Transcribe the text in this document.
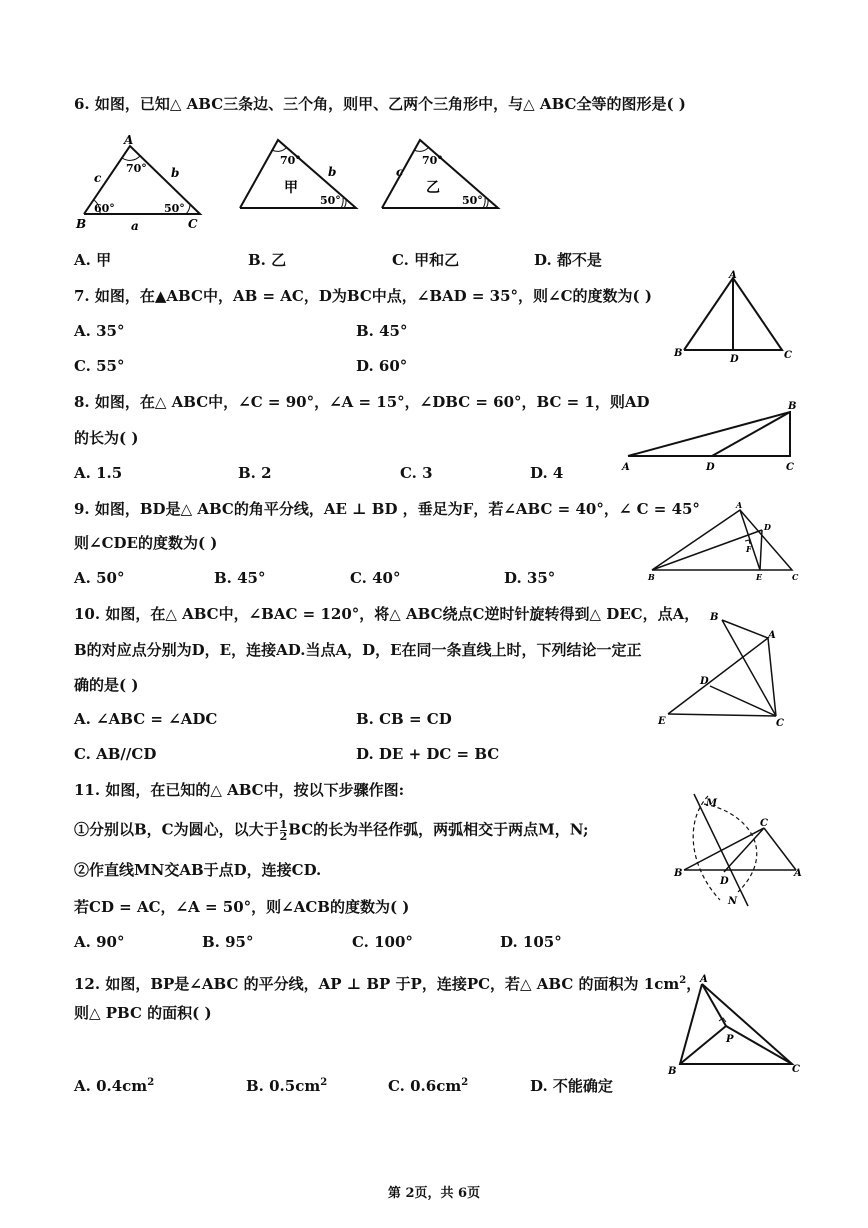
6. 如图，已知△ ABC三条边、三个角，则甲、乙两个三角形中，与△ ABC全等的图形是( )
A
B	C
a
b
c
70°
60°	50°
70°
50°
b
甲
70°
50°
c
乙
A. 甲	B. 乙	C. 甲和乙	D. 都不是
7. 如图，在▲ABC中，AB = AC，D为BC中点，∠BAD = 35°，则∠C的度数为( )
A. 35°	B. 45°
C. 55°	D. 60°
A
B	C
D
8. 如图，在△ ABC中，∠C = 90°，∠A = 15°，∠DBC = 60°，BC = 1，则AD
的长为( )
A. 1.5	B. 2	C. 3	D. 4
B
A	D	C
9. 如图，BD是△ ABC的角平分线，AE ⊥ BD ，垂足为F，若∠ABC = 40°，∠ C = 45°
则∠CDE的度数为( )
A. 50°	B. 45°	C. 40°	D. 35°
A
B	C
D
E
F
10. 如图，在△ ABC中，∠BAC = 120°，将△ ABC绕点C逆时针旋转得到△ DEC，点A，
B的对应点分别为D，E，连接AD.当点A，D，E在同一条直线上时，下列结论一定正
确的是( )
A. ∠ABC = ∠ADC	B. CB = CD
C. AB//CD	D. DE + DC = BC
B
A
D
E	C
11. 如图，在已知的△ ABC中，按以下步骤作图:
①分别以B，C为圆心，以大于 $\frac{1}{2}$ BC的长为半径作弧，两弧相交于两点M，N;
②作直线MN交AB于点D，连接CD.
若CD = AC，∠A = 50°，则∠ACB的度数为( )
A. 90°	B. 95°	C. 100°	D. 105°
M
B
C
A
D
N
12. 如图，BP是∠ABC 的平分线，AP ⊥ BP 于P，连接PC，若△ ABC 的面积为 $1cm^2$，
则△ PBC 的面积( )
A. $0.4cm^2$	B. $0.5cm^2$	C. $0.6cm^2$	D. 不能确定
A
B	C
P
第 2页，共 6页
